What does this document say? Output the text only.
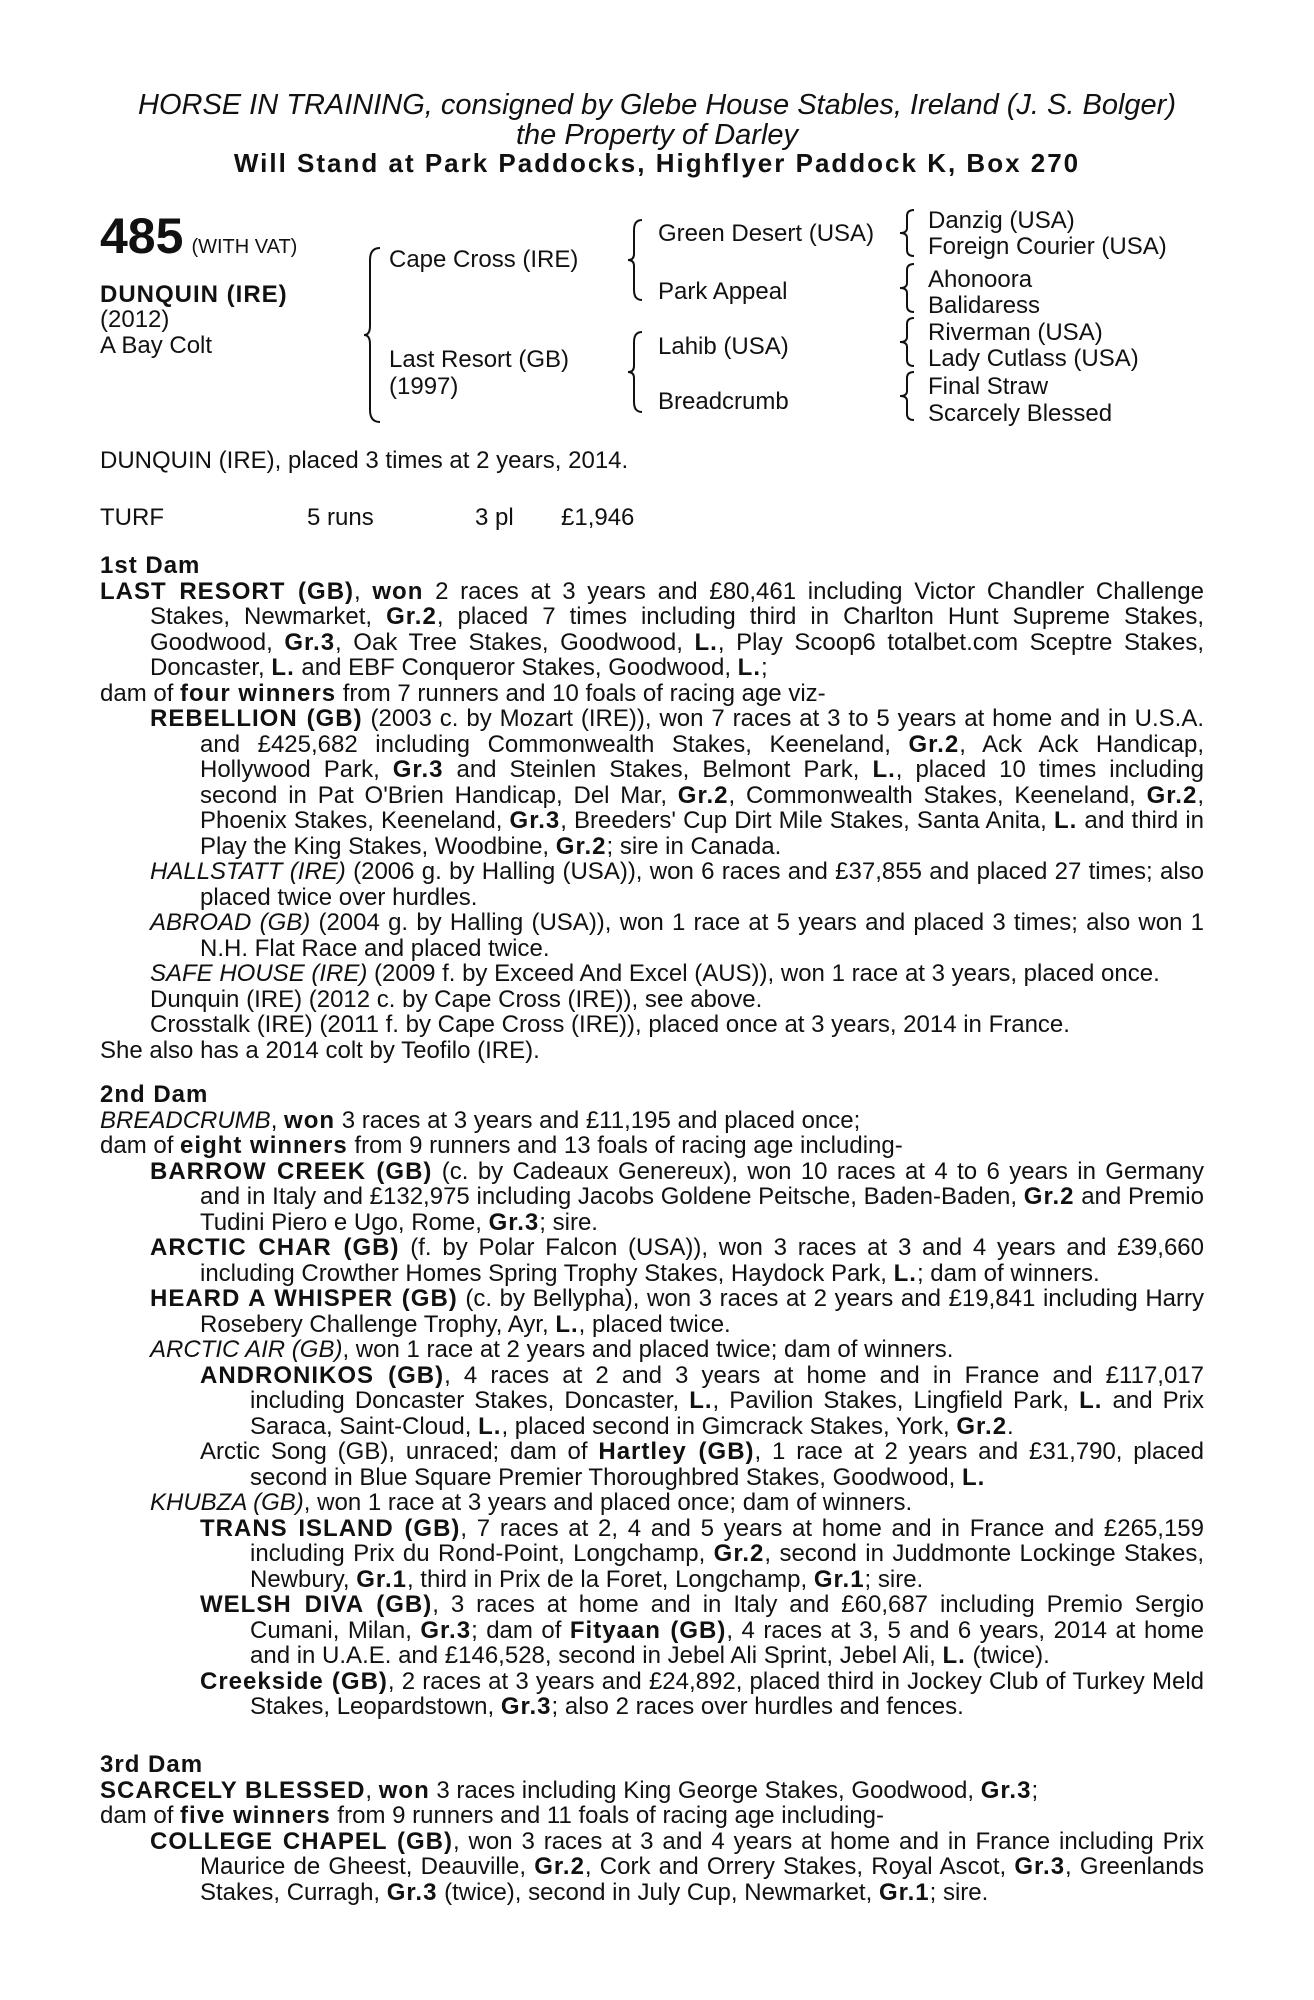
HORSE IN TRAINING, consigned by Glebe House Stables, Ireland (J. S. Bolger)
the Property of Darley
Will Stand at Park Paddocks, Highflyer Paddock K, Box 270
485 (WITH VAT)
DUNQUIN (IRE)
(2012)
A Bay Colt
Cape Cross (IRE)
Last Resort (GB)
(1997)
Green Desert (USA)
Park Appeal
Lahib (USA)
Breadcrumb
Danzig (USA)
Foreign Courier (USA)
Ahonoora
Balidaress
Riverman (USA)
Lady Cutlass (USA)
Final Straw
Scarcely Blessed
DUNQUIN (IRE), placed 3 times at 2 years, 2014.
TURF	5 runs	3 pl £1,946

1st Dam

LAST RESORT (GB), won 2 races at 3 years and £80,461 including Victor Chandler Challenge Stakes, Newmarket, Gr.2, placed 7 times including third in Charlton Hunt Supreme Stakes, Goodwood, Gr.3, Oak Tree Stakes, Goodwood, L., Play Scoop6 totalbet.com Sceptre Stakes, Doncaster, L. and EBF Conqueror Stakes, Goodwood, L.;

dam of four winners from 7 runners and 10 foals of racing age viz-

REBELLION (GB) (2003 c. by Mozart (IRE)), won 7 races at 3 to 5 years at home and in U.S.A. and £425,682 including Commonwealth Stakes, Keeneland, Gr.2, Ack Ack Handicap, Hollywood Park, Gr.3 and Steinlen Stakes, Belmont Park, L., placed 10 times including second in Pat O'Brien Handicap, Del Mar, Gr.2, Commonwealth Stakes, Keeneland, Gr.2, Phoenix Stakes, Keeneland, Gr.3, Breeders' Cup Dirt Mile Stakes, Santa Anita, L. and third in Play the King Stakes, Woodbine, Gr.2; sire in Canada.

HALLSTATT (IRE) (2006 g. by Halling (USA)), won 6 races and £37,855 and placed 27 times; also placed twice over hurdles.

ABROAD (GB) (2004 g. by Halling (USA)), won 1 race at 5 years and placed 3 times; also won 1 N.H. Flat Race and placed twice.

SAFE HOUSE (IRE) (2009 f. by Exceed And Excel (AUS)), won 1 race at 3 years, placed once.

Dunquin (IRE) (2012 c. by Cape Cross (IRE)), see above.

Crosstalk (IRE) (2011 f. by Cape Cross (IRE)), placed once at 3 years, 2014 in France.

She also has a 2014 colt by Teofilo (IRE).

2nd Dam

BREADCRUMB, won 3 races at 3 years and £11,195 and placed once;

dam of eight winners from 9 runners and 13 foals of racing age including-

BARROW CREEK (GB) (c. by Cadeaux Genereux), won 10 races at 4 to 6 years in Germany and in Italy and £132,975 including Jacobs Goldene Peitsche, Baden-Baden, Gr.2 and Premio Tudini Piero e Ugo, Rome, Gr.3; sire.

ARCTIC CHAR (GB) (f. by Polar Falcon (USA)), won 3 races at 3 and 4 years and £39,660 including Crowther Homes Spring Trophy Stakes, Haydock Park, L.; dam of winners.

HEARD A WHISPER (GB) (c. by Bellypha), won 3 races at 2 years and £19,841 including Harry Rosebery Challenge Trophy, Ayr, L., placed twice.

ARCTIC AIR (GB), won 1 race at 2 years and placed twice; dam of winners.

ANDRONIKOS (GB), 4 races at 2 and 3 years at home and in France and £117,017 including Doncaster Stakes, Doncaster, L., Pavilion Stakes, Lingfield Park, L. and Prix Saraca, Saint-Cloud, L., placed second in Gimcrack Stakes, York, Gr.2.

Arctic Song (GB), unraced; dam of Hartley (GB), 1 race at 2 years and £31,790, placed second in Blue Square Premier Thoroughbred Stakes, Goodwood, L.

KHUBZA (GB), won 1 race at 3 years and placed once; dam of winners.

TRANS ISLAND (GB), 7 races at 2, 4 and 5 years at home and in France and £265,159 including Prix du Rond-Point, Longchamp, Gr.2, second in Juddmonte Lockinge Stakes, Newbury, Gr.1, third in Prix de la Foret, Longchamp, Gr.1; sire.

WELSH DIVA (GB), 3 races at home and in Italy and £60,687 including Premio Sergio Cumani, Milan, Gr.3; dam of Fityaan (GB), 4 races at 3, 5 and 6 years, 2014 at home and in U.A.E. and £146,528, second in Jebel Ali Sprint, Jebel Ali, L. (twice).

Creekside (GB), 2 races at 3 years and £24,892, placed third in Jockey Club of Turkey Meld Stakes, Leopardstown, Gr.3; also 2 races over hurdles and fences.

3rd Dam

SCARCELY BLESSED, won 3 races including King George Stakes, Goodwood, Gr.3;

dam of five winners from 9 runners and 11 foals of racing age including-

COLLEGE CHAPEL (GB), won 3 races at 3 and 4 years at home and in France including Prix Maurice de Gheest, Deauville, Gr.2, Cork and Orrery Stakes, Royal Ascot, Gr.3, Greenlands Stakes, Curragh, Gr.3 (twice), second in July Cup, Newmarket, Gr.1; sire.
